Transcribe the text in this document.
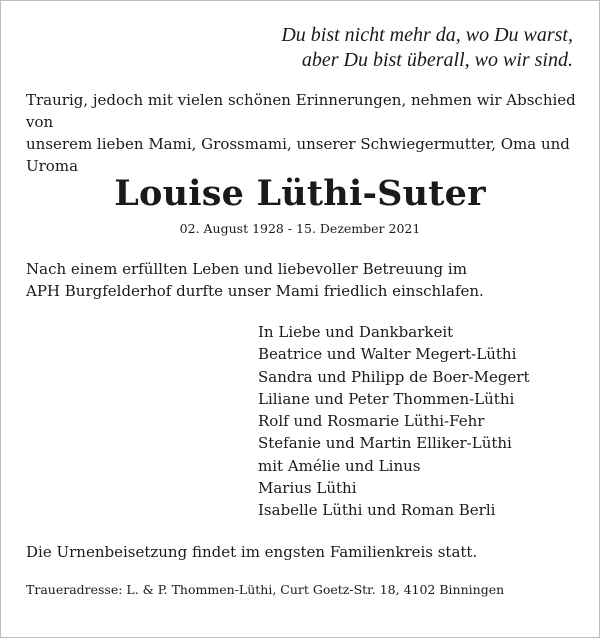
Du bist nicht mehr da, wo Du warst,
aber Du bist überall, wo wir sind.
Traurig, jedoch mit vielen schönen Erinnerungen, nehmen wir Abschied von
unserem lieben Mami, Grossmami, unserer Schwiegermutter, Oma und
Uroma
Louise Lüthi-Suter
02. August 1928 - 15. Dezember 2021
Nach einem erfüllten Leben und liebevoller Betreuung im
APH Burgfelderhof durfte unser Mami friedlich einschlafen.
In Liebe und Dankbarkeit
Beatrice und Walter Megert-Lüthi
Sandra und Philipp de Boer-Megert
Liliane und Peter Thommen-Lüthi
Rolf und Rosmarie Lüthi-Fehr
Stefanie und Martin Elliker-Lüthi
mit Amélie und Linus
Marius Lüthi
Isabelle Lüthi und Roman Berli
Die Urnenbeisetzung findet im engsten Familienkreis statt.
Traueradresse: L. & P. Thommen-Lüthi, Curt Goetz-Str. 18, 4102 Binningen
